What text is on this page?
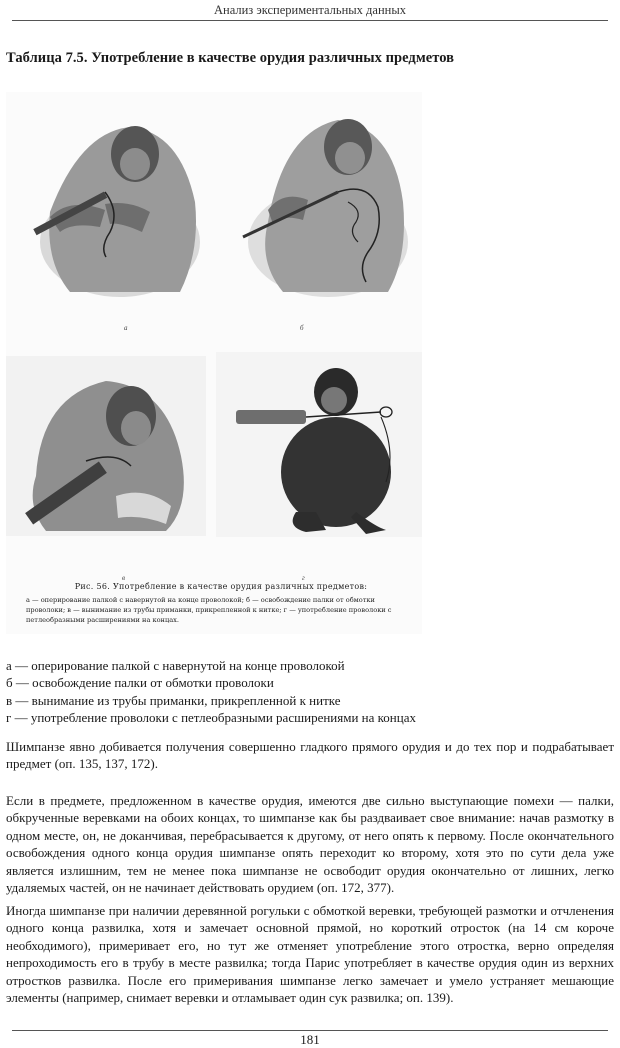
Анализ экспериментальных данных
Таблица 7.5. Употребление в качестве орудия различных предметов
а	б
в	г
Рис. 56. Употребление в качестве орудия различных предметов:
а — оперирование палкой с навернутой на конце проволокой; б — освобождение палки от обмотки проволоки; в — вынимание из трубы приманки, прикрепленной к нитке; г — употребление проволоки с петлеобразными расширениями на концах.
а — оперирование палкой с навернутой на конце проволокой
б — освобождение палки от обмотки проволоки
в — вынимание из трубы приманки, прикрепленной к нитке
г — употребление проволоки с петлеобразными расширениями на концах
Шимпанзе явно добивается получения совершенно гладкого прямого орудия и до тех пор и подрабатывает предмет (оп. 135, 137, 172).
Если в предмете, предложенном в качестве орудия, имеются две сильно выступающие помехи — палки, обкрученные веревками на обоих концах, то шимпанзе как бы раздваивает свое внимание: начав размотку в одном месте, он, не доканчивая, перебрасывается к другому, от него опять к первому. После окончательного освобождения одного конца орудия шимпанзе опять переходит ко второму, хотя это по сути дела уже является излишним, тем не менее пока шимпанзе не освободит орудия окончательно от лишних, легко удаляемых частей, он не начинает действовать орудием (оп. 172, 377).
Иногда шимпанзе при наличии деревянной рогульки с обмоткой веревки, требующей размотки и отчленения одного конца развилка, хотя и замечает основной прямой, но короткий отросток (на 14 см короче необходимого), примеривает его, но тут же отменяет употребление этого отростка, верно определяя непроходимость его в трубу в месте развилка; тогда Парис употребляет в качестве орудия один из верхних отростков развилка. После его примеривания шимпанзе легко замечает и умело устраняет мешающие элементы (например, снимает веревки и отламывает один сук развилка; оп. 139).
181
